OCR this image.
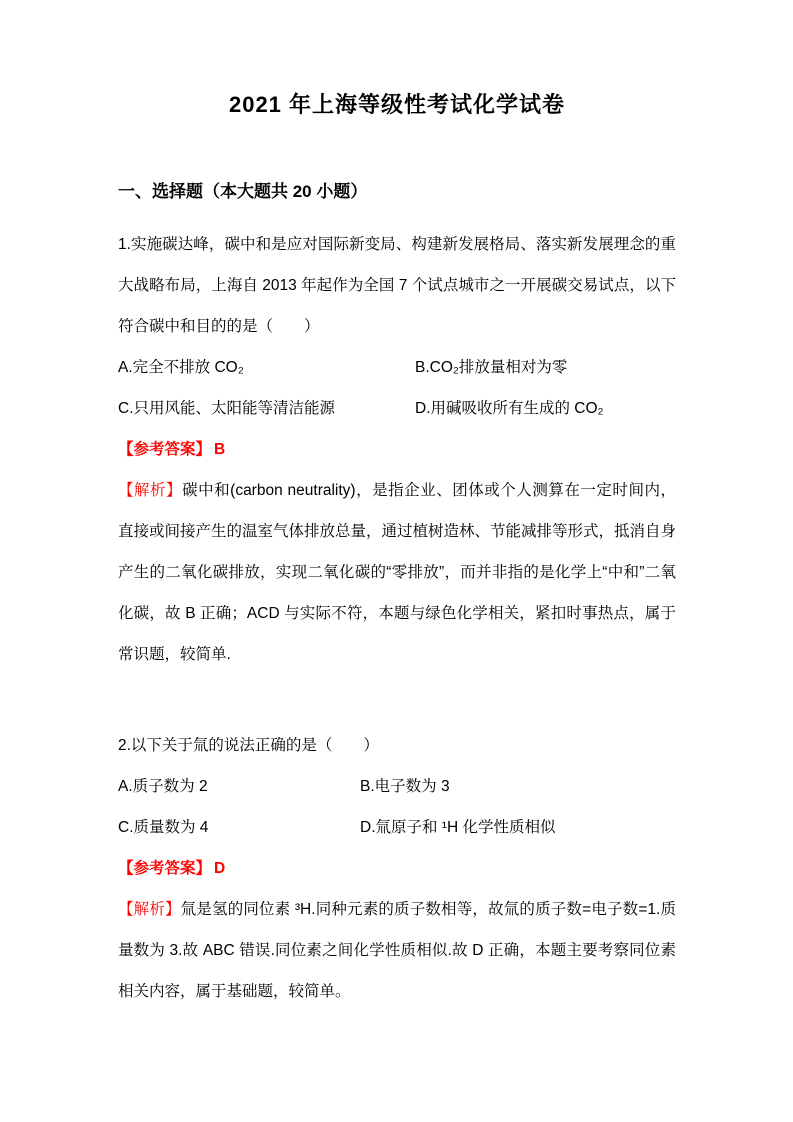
2021 年上海等级性考试化学试卷
一、选择题（本大题共 20 小题）

1.实施碳达峰，碳中和是应对国际新变局、构建新发展格局、落实新发展理念的重大战略布局，上海自 2013 年起作为全国 7 个试点城市之一开展碳交易试点，以下符合碳中和目的的是（　　）

A.完全不排放 CO₂	B.CO₂排放量相对为零
C.只用风能、太阳能等清洁能源	D.用碱吸收所有生成的 CO₂

【参考答案】 B

【解析】碳中和(carbon neutrality)，是指企业、团体或个人测算在一定时间内，直接或间接产生的温室气体排放总量，通过植树造林、节能减排等形式，抵消自身产生的二氧化碳排放，实现二氧化碳的“零排放”，而并非指的是化学上“中和”二氧化碳，故 B 正确；ACD 与实际不符，本题与绿色化学相关，紧扣时事热点，属于常识题，较简单.

2.以下关于氚的说法正确的是（　　）

A.质子数为 2	B.电子数为 3
C.质量数为 4	D.氚原子和 ¹H 化学性质相似

【参考答案】 D

【解析】氚是氢的同位素 ³H.同种元素的质子数相等，故氚的质子数=电子数=1.质量数为 3.故 ABC 错误.同位素之间化学性质相似.故 D 正确，本题主要考察同位素相关内容，属于基础题，较简单。
